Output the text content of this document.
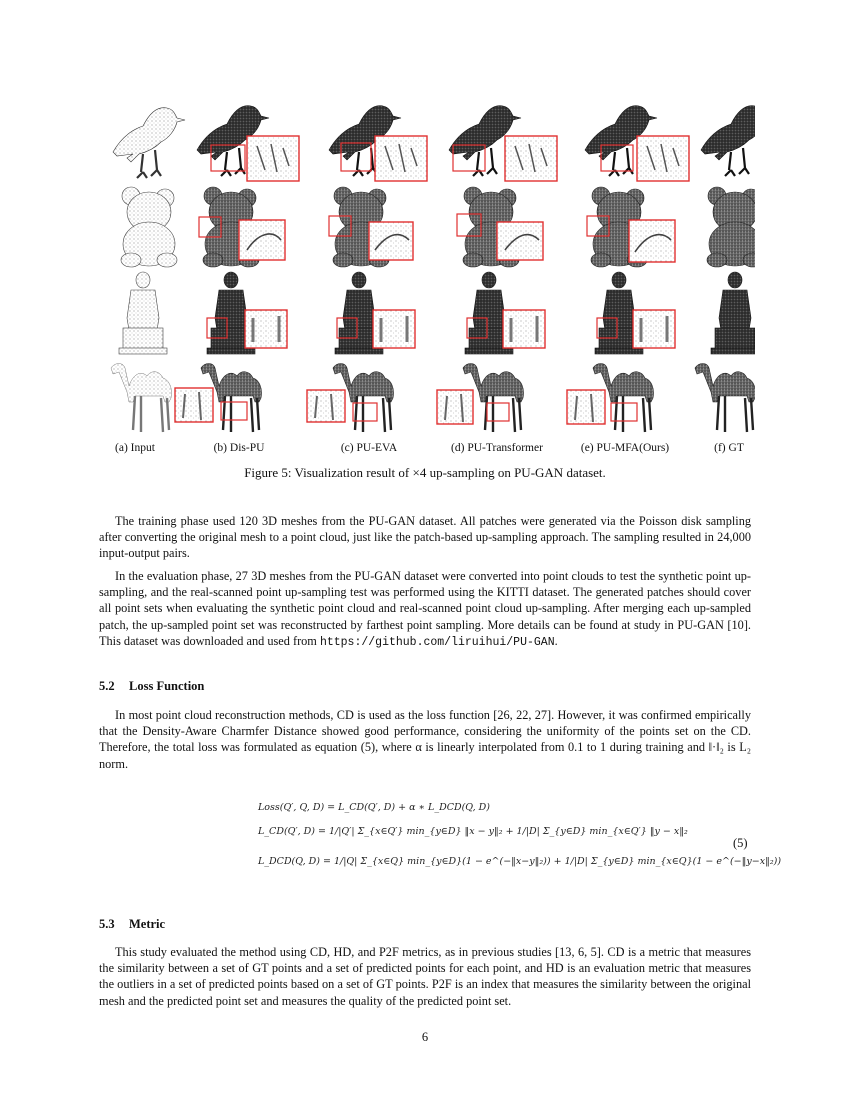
(a) Input	(b) Dis-PU	(c) PU-EVA	(d) PU-Transformer	(e) PU-MFA(Ours)	(f) GT
Figure 5: Visualization result of ×4 up-sampling on PU-GAN dataset.

The training phase used 120 3D meshes from the PU-GAN dataset. All patches were generated via the Poisson disk sampling after converting the original mesh to a point cloud, just like the patch-based up-sampling approach. The sampling resulted in 24,000 input-output pairs.

In the evaluation phase, 27 3D meshes from the PU-GAN dataset were converted into point clouds to test the synthetic point up-sampling, and the real-scanned point up-sampling test was performed using the KITTI dataset. The generated patches should cover all point sets when evaluating the synthetic point cloud and real-scanned point cloud up-sampling. After merging each up-sampled patch, the up-sampled point set was reconstructed by farthest point sampling. More details can be found at study in PU-GAN [10]. This dataset was downloaded and used from https://github.com/liruihui/PU-GAN.

5.2 Loss Function

In most point cloud reconstruction methods, CD is used as the loss function [26, 22, 27]. However, it was confirmed empirically that the Density-Aware Charmfer Distance showed good performance, considering the uniformity of the points set on the CD. Therefore, the total loss was formulated as equation (5), where α is linearly interpolated from 0.1 to 1 during training and ‖·‖₂ is L₂ norm.

Loss(Q′, Q, D) = L_CD(Q′, D) + α ∗ L_DCD(Q, D)
L_CD(Q′, D) = 1/|Q′| Σ_{x∈Q′} min_{y∈D} ‖x − y‖₂ + 1/|D| Σ_{y∈D} min_{x∈Q′} ‖y − x‖₂
L_DCD(Q, D) = 1/|Q| Σ_{x∈Q} min_{y∈D}(1 − e^(−‖x−y‖₂)) + 1/|D| Σ_{y∈D} min_{x∈Q}(1 − e^(−‖y−x‖₂))
(5)
5.3 Metric

This study evaluated the method using CD, HD, and P2F metrics, as in previous studies [13, 6, 5]. CD is a metric that measures the similarity between a set of GT points and a set of predicted points for each point, and HD is an evaluation metric that measures the outliers in a set of predicted points based on a set of GT points. P2F is an index that measures the similarity between the original mesh and the predicted point set and measures the quality of the predicted point set.

6
